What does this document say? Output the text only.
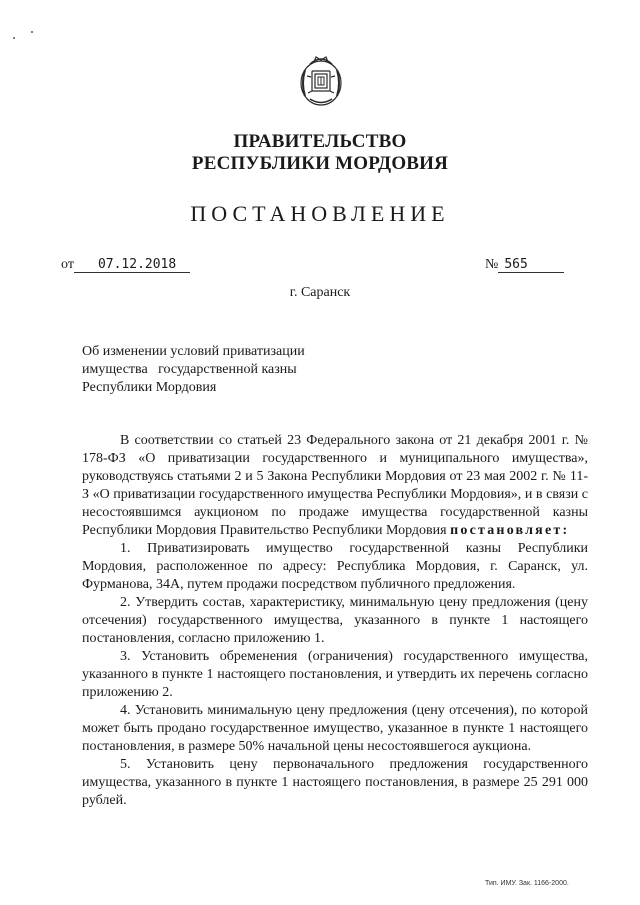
ПРАВИТЕЛЬСТВО
РЕСПУБЛИКИ МОРДОВИЯ
ПОСТАНОВЛЕНИЕ
от 07.12.2018	№ 565
г. Саранск
Об изменении условий приватизации
имущества   государственной казны
Республики Мордовия

В соответствии со статьей 23 Федерального закона от 21 декабря 2001 г. № 178-ФЗ «О приватизации государственного и муниципального имущества», руководствуясь статьями 2 и 5 Закона Республики Мордовия от 23 мая 2002 г. № 11-З «О приватизации государственного имущества Республики Мордовия», и в связи с несостоявшимся аукционом по продаже имущества государственной казны Республики Мордовия Правительство Республики Мордовия постановляет:

1. Приватизировать имущество государственной казны Республики Мордовия, расположенное по адресу: Республика Мордовия, г. Саранск, ул. Фурманова, 34А, путем продажи посредством публичного предложения.

2. Утвердить состав, характеристику, минимальную цену предложения (цену отсечения) государственного имущества, указанного в пункте 1 настоящего постановления, согласно приложению 1.

3. Установить обременения (ограничения) государственного имущества, указанного в пункте 1 настоящего постановления, и утвердить их перечень согласно приложению 2.

4. Установить минимальную цену предложения (цену отсечения), по которой может быть продано государственное имущество, указанное в пункте 1 настоящего постановления, в размере 50% начальной цены несостоявшегося аукциона.

5. Установить цену первоначального предложения государственного имущества, указанного в пункте 1 настоящего постановления, в размере 25 291 000 рублей.

Тип. ИМУ. Зак. 1166-2000.
